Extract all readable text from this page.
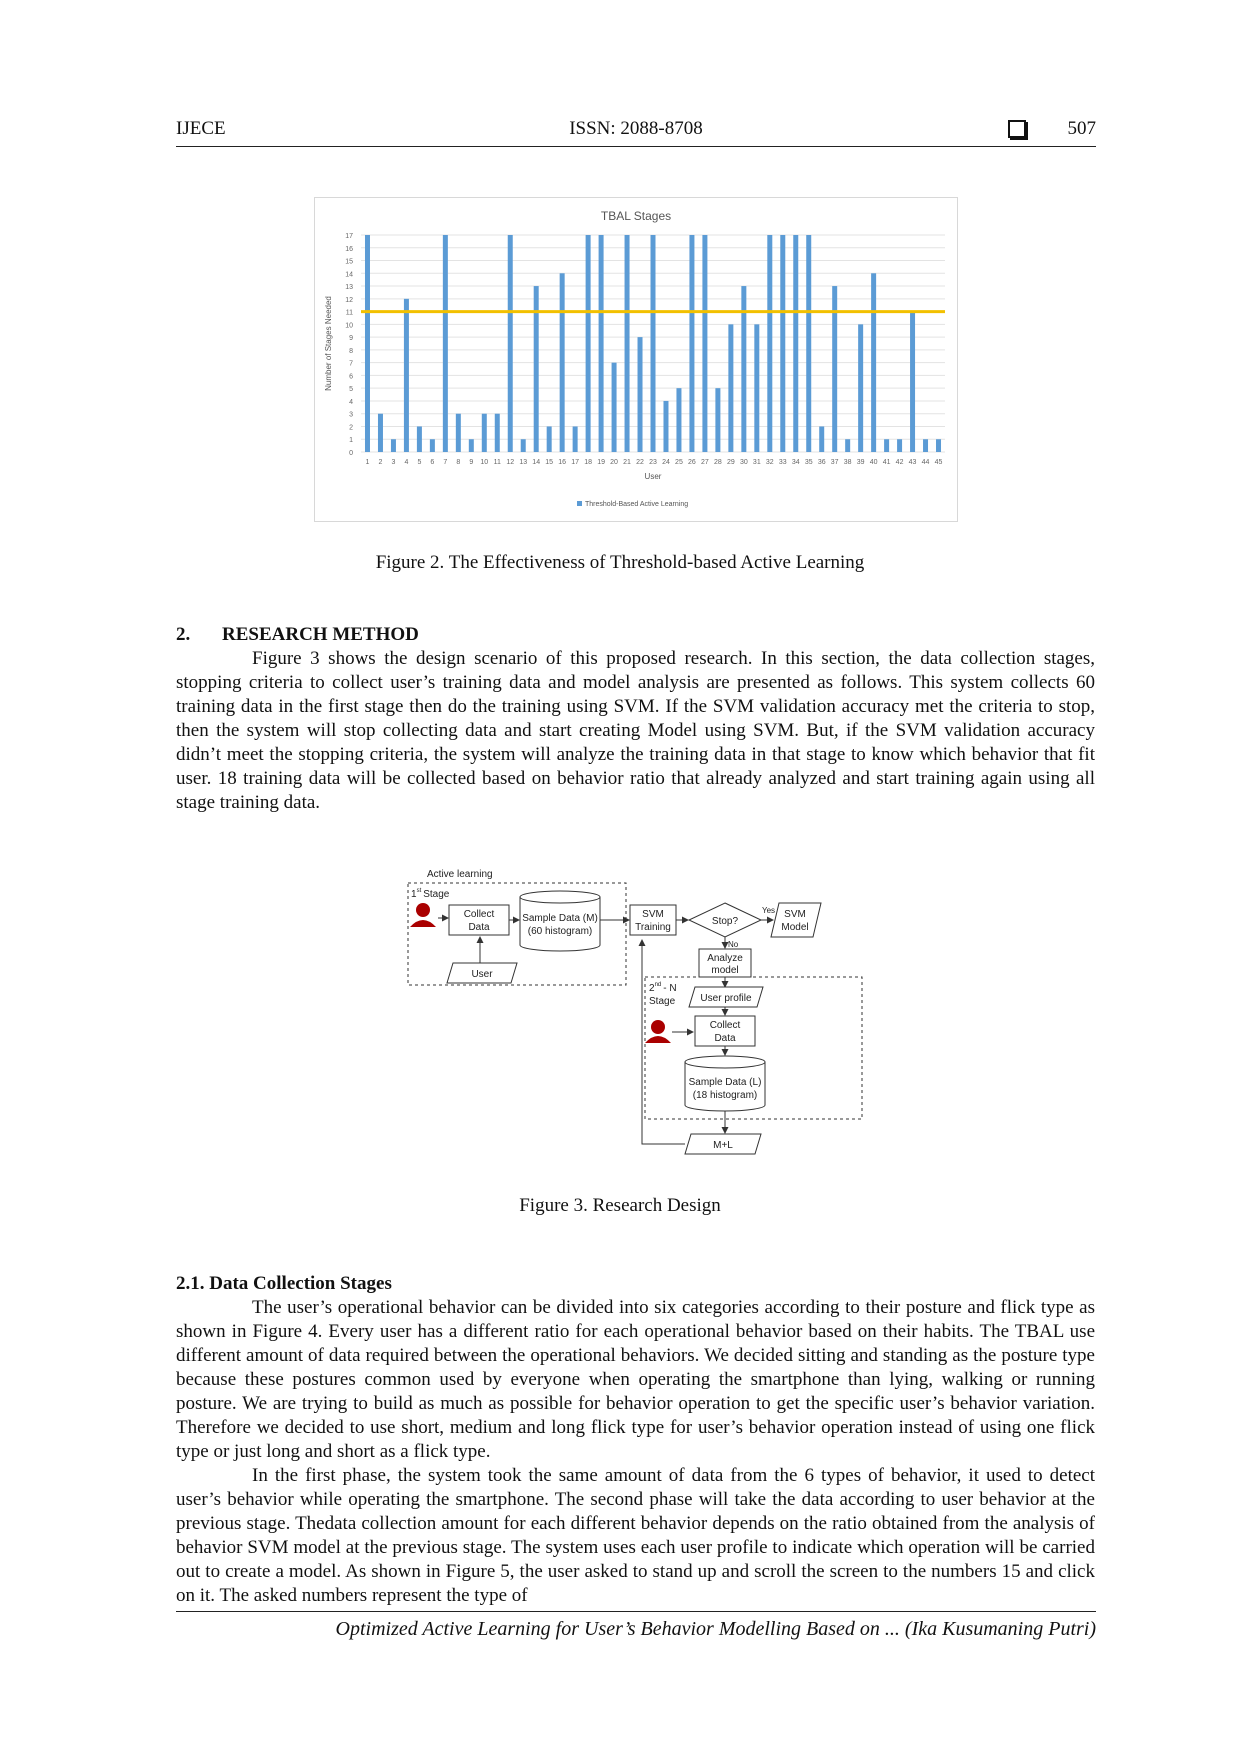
IJECE	ISSN: 2088-8708	507
TBAL Stages
0
1
2
3
4
5
6
7
8
9
10
11
12
13
14
15
16
17
Number of Stages Needed
1 2 3 4 5 6 7 8 9 10 11 12 13 14 15 16 17 18 19 20 21 22 23 24 25 26 27 28 29 30 31 32 33 34 35 36 37 38 39 40 41 42 43 44 45
User
Threshold-Based Active Learning
Figure 2. The Effectiveness of Threshold-based Active Learning
2. RESEARCH METHOD

Figure 3 shows the design scenario of this proposed research. In this section, the data collection stages, stopping criteria to collect user’s training data and model analysis are presented as follows. This system collects 60 training data in the first stage then do the training using SVM. If the SVM validation accuracy met the criteria to stop, then the system will stop collecting data and start creating Model using SVM. But, if the SVM validation accuracy didn’t meet the stopping criteria, the system will analyze the training data in that stage to know which behavior that fit user. 18 training data will be collected based on behavior ratio that already analyzed and start training again using all stage training data.

Active learning
1st Stage
Collect
Data
Sample Data (M)
(60 histogram)
User
SVM
Training
Stop?
Yes SVM
Model
No
Analyze
model
2nd - N
Stage	User profile
Collect
Data
Sample Data (L)
(18 histogram)
M+L
Figure 3. Research Design
2.1. Data Collection Stages

The user’s operational behavior can be divided into six categories according to their posture and flick type as shown in Figure 4. Every user has a different ratio for each operational behavior based on their habits. The TBAL use different amount of data required between the operational behaviors. We decided sitting and standing as the posture type because these postures common used by everyone when operating the smartphone than lying, walking or running posture. We are trying to build as much as possible for behavior operation to get the specific user’s behavior variation. Therefore we decided to use short, medium and long flick type for user’s behavior operation instead of using one flick type or just long and short as a flick type.

In the first phase, the system took the same amount of data from the 6 types of behavior, it used to detect user’s behavior while operating the smartphone. The second phase will take the data according to user behavior at the previous stage. Thedata collection amount for each different behavior depends on the ratio obtained from the analysis of behavior SVM model at the previous stage. The system uses each user profile to indicate which operation will be carried out to create a model. As shown in Figure 5, the user asked to stand up and scroll the screen to the numbers 15 and click on it. The asked numbers represent the type of

Optimized Active Learning for User’s Behavior Modelling Based on ... (Ika Kusumaning Putri)
